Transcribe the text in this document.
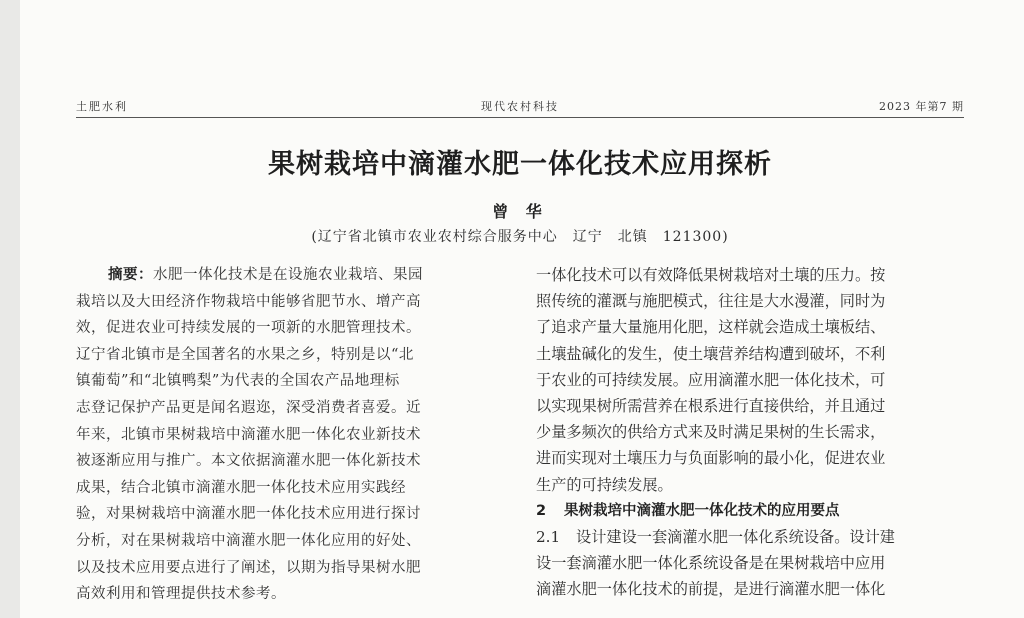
土肥水利	现代农村科技	2023 年第7 期
果树栽培中滴灌水肥一体化技术应用探析
曾 华
(辽宁省北镇市农业农村综合服务中心　辽宁　北镇　121300)
摘要：水肥一体化技术是在设施农业栽培、果园
栽培以及大田经济作物栽培中能够省肥节水、增产高
效，促进农业可持续发展的一项新的水肥管理技术。
辽宁省北镇市是全国著名的水果之乡，特别是以“北
镇葡萄”和“北镇鸭梨”为代表的全国农产品地理标
志登记保护产品更是闻名遐迩，深受消费者喜爱。近
年来，北镇市果树栽培中滴灌水肥一体化农业新技术
被逐渐应用与推广。本文依据滴灌水肥一体化新技术
成果，结合北镇市滴灌水肥一体化技术应用实践经
验，对果树栽培中滴灌水肥一体化技术应用进行探讨
分析，对在果树栽培中滴灌水肥一体化应用的好处、
以及技术应用要点进行了阐述，以期为指导果树水肥
高效利用和管理提供技术参考。
一体化技术可以有效降低果树栽培对土壤的压力。按
照传统的灌溉与施肥模式，往往是大水漫灌，同时为
了追求产量大量施用化肥，这样就会造成土壤板结、
土壤盐碱化的发生，使土壤营养结构遭到破坏，不利
于农业的可持续发展。应用滴灌水肥一体化技术，可
以实现果树所需营养在根系进行直接供给，并且通过
少量多频次的供给方式来及时满足果树的生长需求，
进而实现对土壤压力与负面影响的最小化，促进农业
生产的可持续发展。
2 果树栽培中滴灌水肥一体化技术的应用要点
2.1 设计建设一套滴灌水肥一体化系统设备。设计建
设一套滴灌水肥一体化系统设备是在果树栽培中应用
滴灌水肥一体化技术的前提，是进行滴灌水肥一体化
